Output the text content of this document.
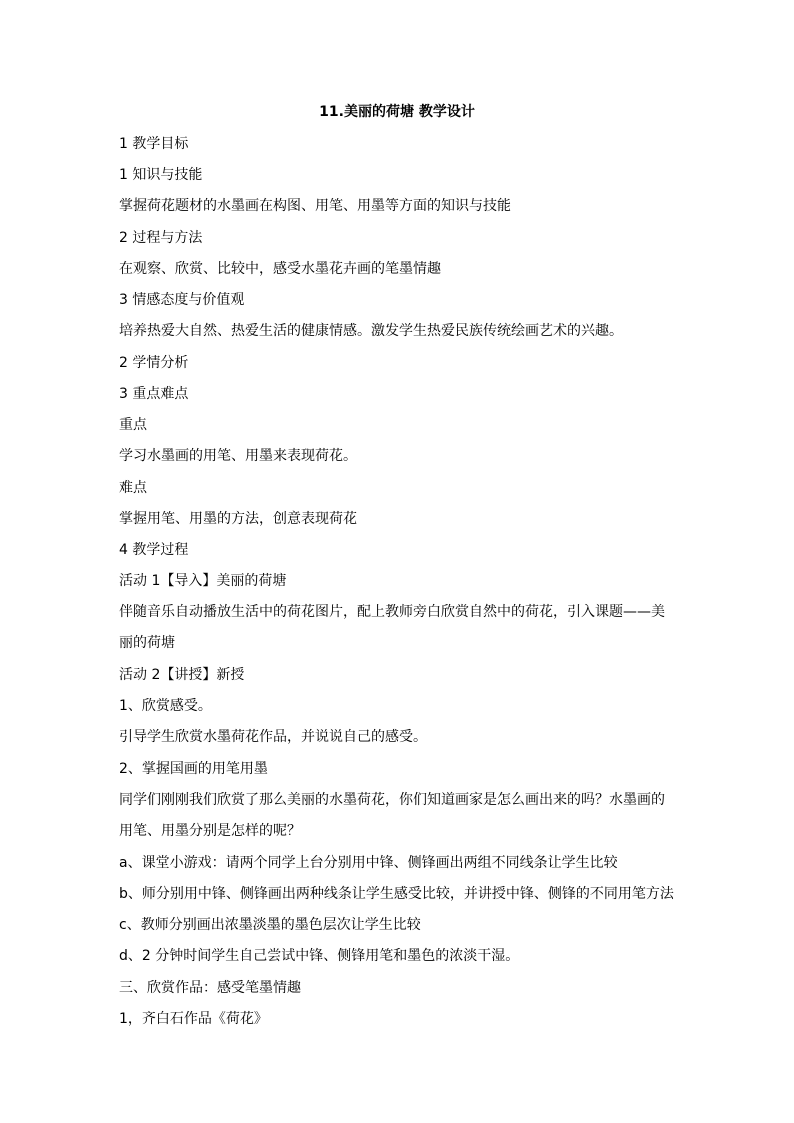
11.美丽的荷塘 教学设计
1 教学目标
1 知识与技能
掌握荷花题材的水墨画在构图、用笔、用墨等方面的知识与技能
2 过程与方法
在观察、欣赏、比较中，感受水墨花卉画的笔墨情趣
3 情感态度与价值观
培养热爱大自然、热爱生活的健康情感。激发学生热爱民族传统绘画艺术的兴趣。
2 学情分析
3 重点难点
重点
学习水墨画的用笔、用墨来表现荷花。
难点
掌握用笔、用墨的方法，创意表现荷花
4 教学过程
活动 1【导入】美丽的荷塘
伴随音乐自动播放生活中的荷花图片，配上教师旁白欣赏自然中的荷花，引入课题——美丽的荷塘
活动 2【讲授】新授
1、欣赏感受。
引导学生欣赏水墨荷花作品，并说说自己的感受。
2、掌握国画的用笔用墨
同学们刚刚我们欣赏了那么美丽的水墨荷花，你们知道画家是怎么画出来的吗？水墨画的用笔、用墨分别是怎样的呢？
a、课堂小游戏：请两个同学上台分别用中锋、侧锋画出两组不同线条让学生比较
b、师分别用中锋、侧锋画出两种线条让学生感受比较，并讲授中锋、侧锋的不同用笔方法
c、教师分别画出浓墨淡墨的墨色层次让学生比较
d、2 分钟时间学生自己尝试中锋、侧锋用笔和墨色的浓淡干湿。
三、欣赏作品：感受笔墨情趣
1，齐白石作品《荷花》
